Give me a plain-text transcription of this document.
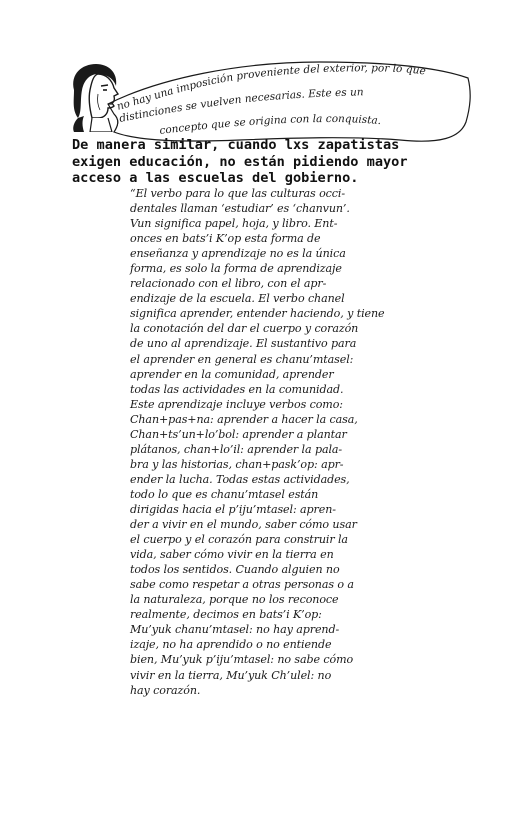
no hay una imposición proveniente del exterior, por lo que
distinciones se vuelven necesarias. Este es un
concepto que se origina con la conquista.
De manera similar, cuando lxs zapatistas
exigen educación, no están pidiendo mayor
acceso a las escuelas del gobierno.
“El verbo para lo que las culturas occi-
dentales llaman ‘estudiar’ es ‘chanvun’.
Vun significa papel, hoja, y libro. Ent-
onces en bats’i K’op esta forma de
enseñanza y aprendizaje no es la única
forma, es solo la forma de aprendizaje
relacionado con el libro, con el apr-
endizaje de la escuela. El verbo chanel
significa aprender, entender haciendo, y tiene
la conotación del dar el cuerpo y corazón
de uno al aprendizaje. El sustantivo para
el aprender en general es chanu’mtasel:
aprender en la comunidad, aprender
todas las actividades en la comunidad.
Este aprendizaje incluye verbos como:
Chan+pas+na: aprender a hacer la casa,
Chan+ts’un+lo’bol: aprender a plantar
plátanos, chan+lo’il: aprender la pala-
bra y las historias, chan+pask’op: apr-
ender la lucha. Todas estas actividades,
todo lo que es chanu’mtasel están
dirigidas hacia el p’iju’mtasel: apren-
der a vivir en el mundo, saber cómo usar
el cuerpo y el corazón para construir la
vida, saber cómo vivir en la tierra en
todos los sentidos. Cuando alguien no
sabe como respetar a otras personas o a
la naturaleza, porque no los reconoce
realmente, decimos en bats’i K’op:
Mu’yuk chanu’mtasel: no hay aprend-
izaje, no ha aprendido o no entiende
bien, Mu’yuk p’iju’mtasel: no sabe cómo
vivir en la tierra, Mu’yuk Ch’ulel: no
hay corazón.
